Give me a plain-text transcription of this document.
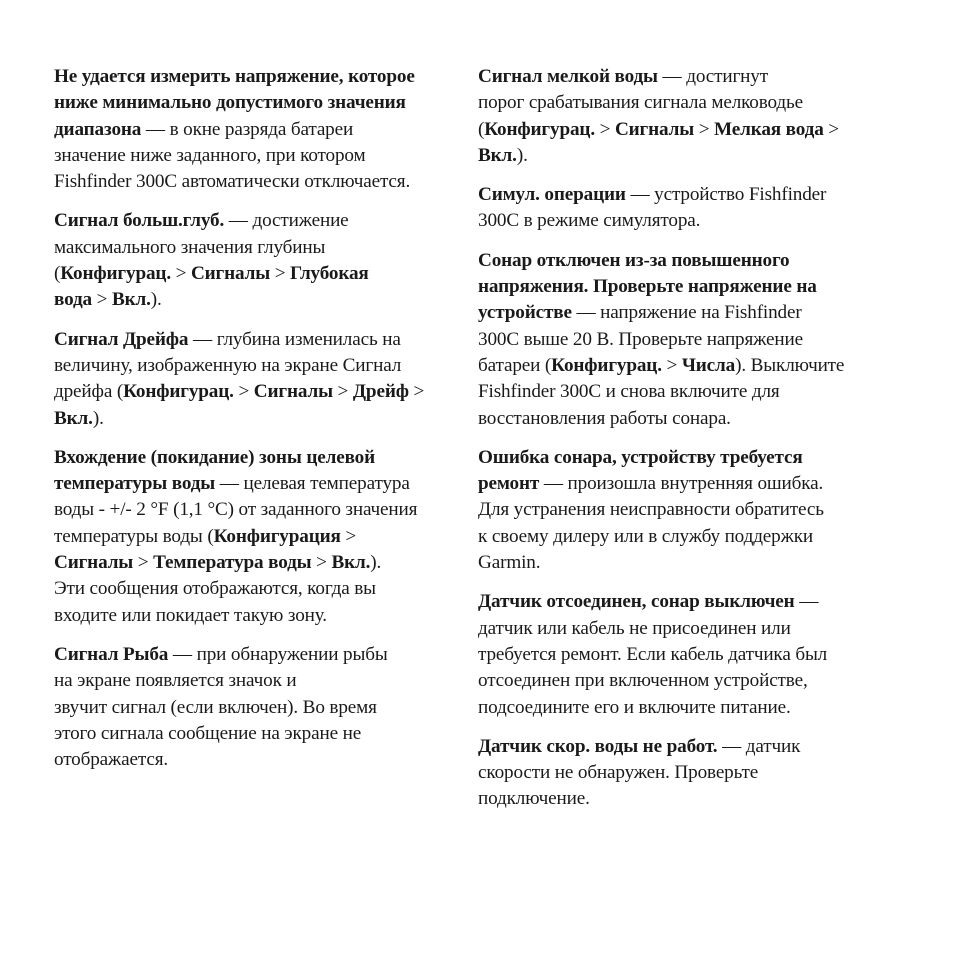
Не удается измерить напряжение, которое
ниже минимально допустимого значения
диапазона — в окне разряда батареи
значение ниже заданного, при котором
Fishfinder 300C автоматически отключается.
Сигнал больш.глуб. — достижение
максимального значения глубины
(Конфигурац. > Сигналы > Глубокая
вода > Вкл.).
Сигнал Дрейфа — глубина изменилась на
величину, изображенную на экране Сигнал
дрейфа (Конфигурац. > Сигналы > Дрейф >
Вкл.).
Вхождение (покидание) зоны целевой
температуры воды — целевая температура
воды - +/- 2 °F (1,1 °C) от заданного значения
температуры воды (Конфигурация >
Сигналы > Температура воды > Вкл.).
Эти сообщения отображаются, когда вы
входите или покидает такую зону.
Сигнал Рыба — при обнаружении рыбы
на экране появляется значок и
звучит сигнал (если включен). Во время
этого сигнала сообщение на экране не
отображается.
Сигнал мелкой воды — достигнут
порог срабатывания сигнала мелководье
(Конфигурац. > Сигналы > Мелкая вода >
Вкл.).
Симул. операции — устройство Fishfinder
300C в режиме симулятора.
Сонар отключен из-за повышенного
напряжения. Проверьте напряжение на
устройстве — напряжение на Fishfinder
300C выше 20 В. Проверьте напряжение
батареи (Конфигурац. > Числа). Выключите
Fishfinder 300C и снова включите для
восстановления работы сонара.
Ошибка сонара, устройству требуется
ремонт — произошла внутренняя ошибка.
Для устранения неисправности обратитесь
к своему дилеру или в службу поддержки
Garmin.
Датчик отсоединен, сонар выключен —
датчик или кабель не присоединен или
требуется ремонт. Если кабель датчика был
отсоединен при включенном устройстве,
подсоедините его и включите питание.
Датчик скор. воды не работ. — датчик
скорости не обнаружен. Проверьте
подключение.
